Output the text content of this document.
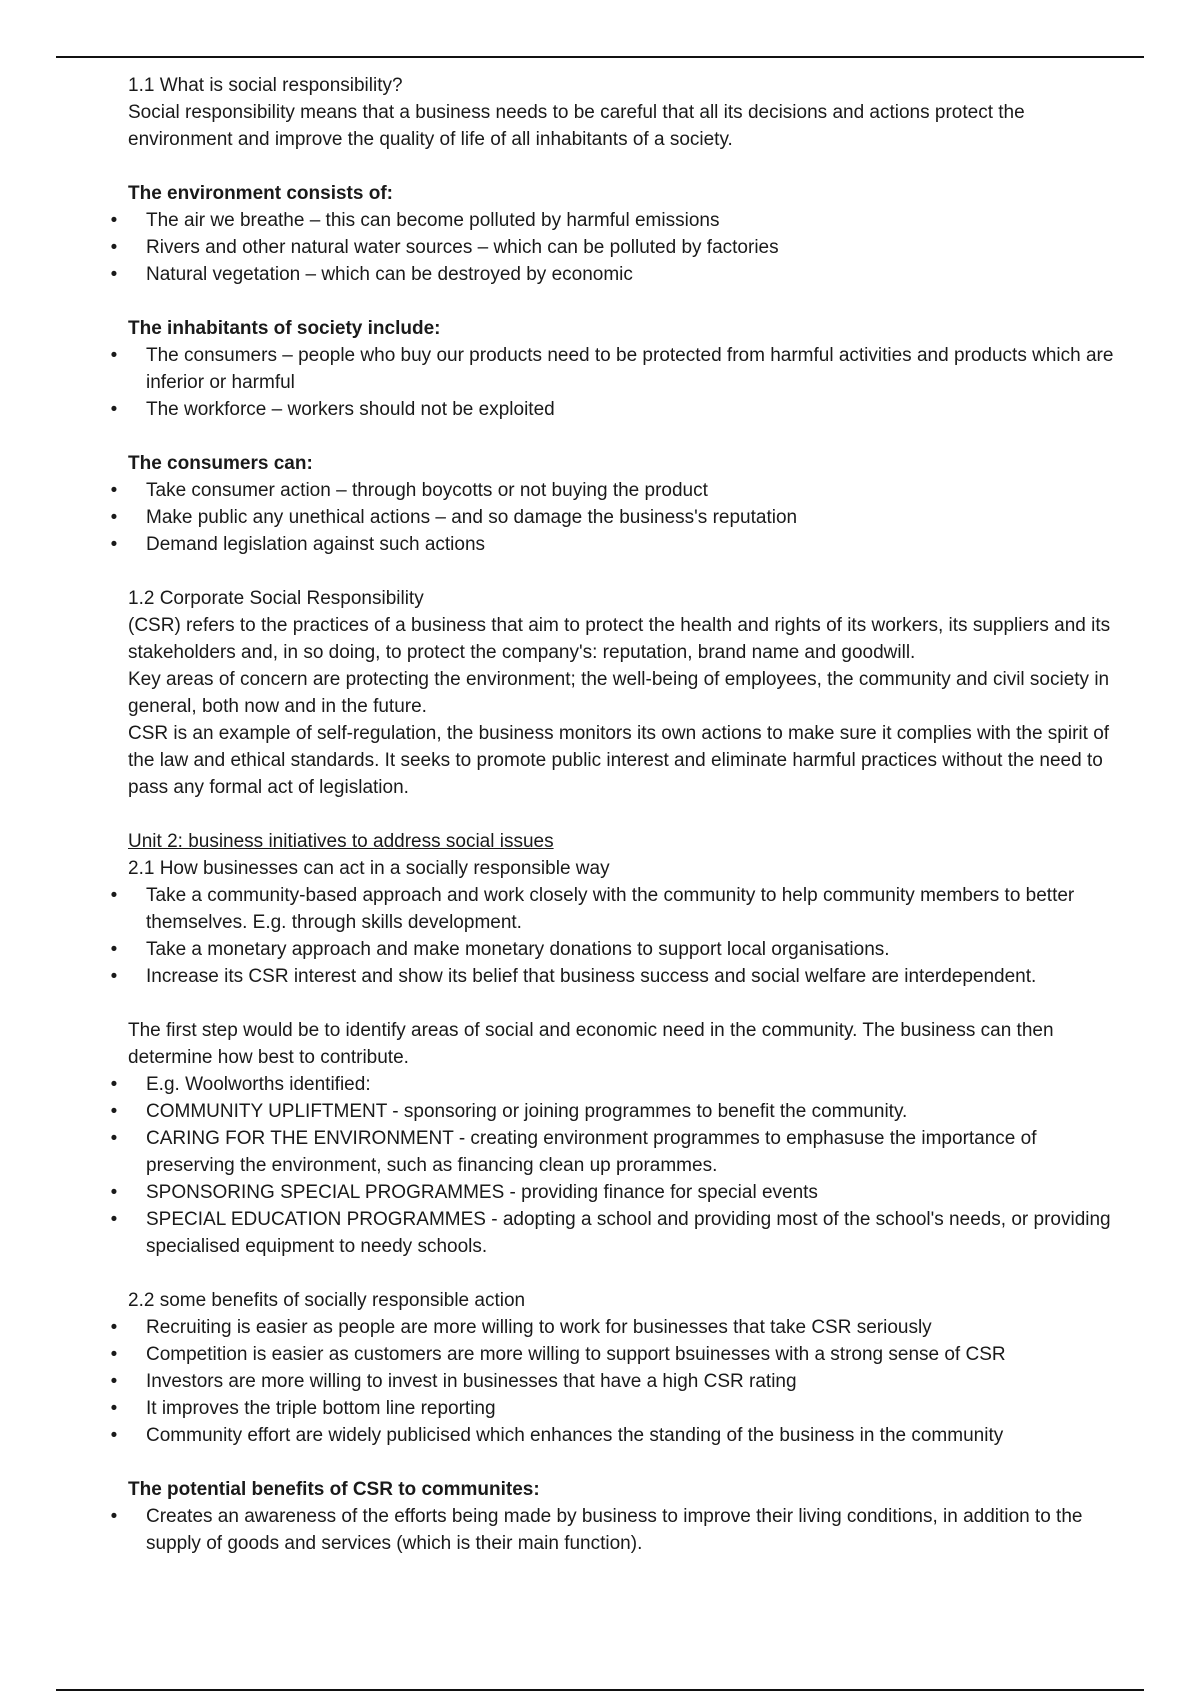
1.1 What is social responsibility?

Social responsibility means that a business needs to be careful that all its decisions and actions protect the environment and improve the quality of life of all inhabitants of a society.

The environment consists of:

• The air we breathe – this can become polluted by harmful emissions
• Rivers and other natural water sources – which can be polluted by factories
• Natural vegetation – which can be destroyed by economic

The inhabitants of society include:

• The consumers – people who buy our products need to be protected from harmful activities and products which are inferior or harmful
• The workforce – workers should not be exploited

The consumers can:

• Take consumer action – through boycotts or not buying the product
• Make public any unethical actions – and so damage the business's reputation
• Demand legislation against such actions

1.2 Corporate Social Responsibility

(CSR) refers to the practices of a business that aim to protect the health and rights of its workers, its suppliers and its stakeholders and, in so doing, to protect the company's: reputation, brand name and goodwill.

Key areas of concern are protecting the environment; the well-being of employees, the community and civil society in general, both now and in the future.

CSR is an example of self-regulation, the business monitors its own actions to make sure it complies with the spirit of the law and ethical standards. It seeks to promote public interest and eliminate harmful practices without the need to pass any formal act of legislation.

Unit 2: business initiatives to address social issues

2.1 How businesses can act in a socially responsible way

• Take a community-based approach and work closely with the community to help community members to better themselves. E.g. through skills development.
• Take a monetary approach and make monetary donations to support local organisations.
• Increase its CSR interest and show its belief that business success and social welfare are interdependent.

The first step would be to identify areas of social and economic need in the community. The business can then determine how best to contribute.

• E.g. Woolworths identified:
• COMMUNITY UPLIFTMENT - sponsoring or joining programmes to benefit the community.
• CARING FOR THE ENVIRONMENT - creating environment programmes to emphasuse the importance of preserving the environment, such as financing clean up prorammes.
• SPONSORING SPECIAL PROGRAMMES - providing finance for special events
• SPECIAL EDUCATION PROGRAMMES - adopting a school and providing most of the school's needs, or providing specialised equipment to needy schools.

2.2 some benefits of socially responsible action

• Recruiting is easier as people are more willing to work for businesses that take CSR seriously
• Competition is easier as customers are more willing to support bsuinesses with a strong sense of CSR
• Investors are more willing to invest in businesses that have a high CSR rating
• It improves the triple bottom line reporting
• Community effort are widely publicised which enhances the standing of the business in the community

The potential benefits of CSR to communites:

• Creates an awareness of the efforts being made by business to improve their living conditions, in addition to the supply of goods and services (which is their main function).
